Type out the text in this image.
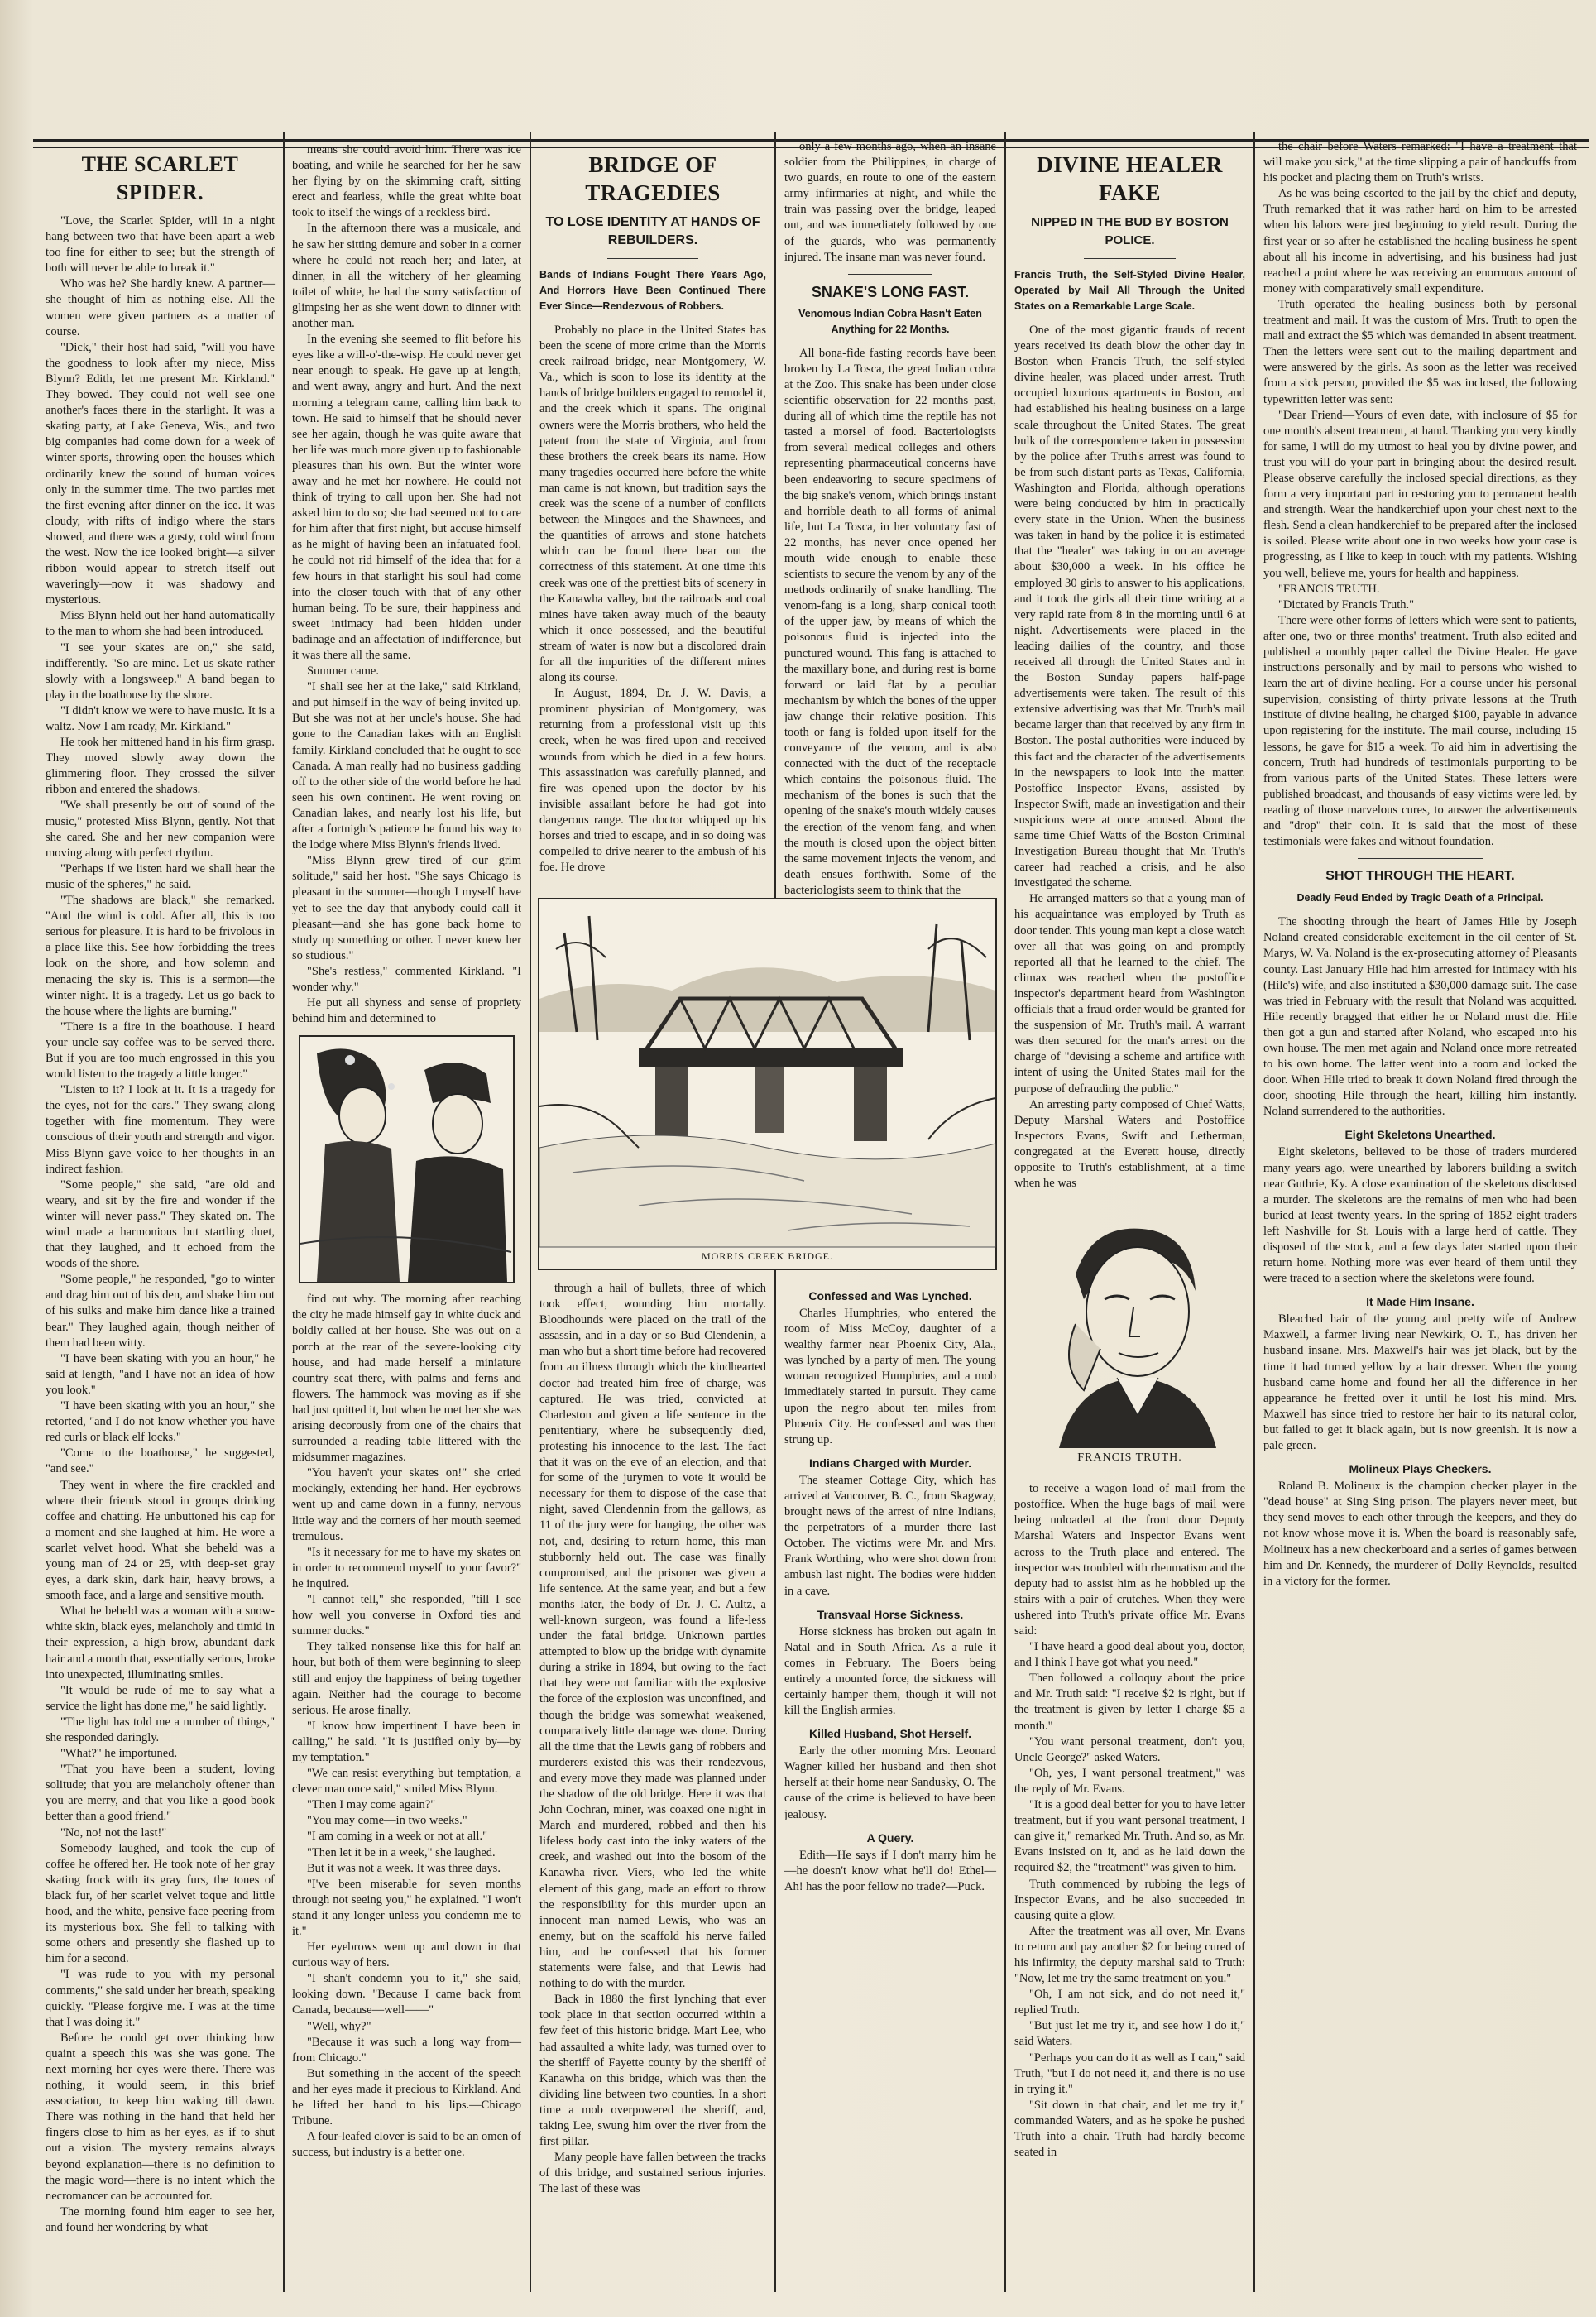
THE SCARLET SPIDER.

"Love, the Scarlet Spider, will in a night hang between two that have been apart a web too fine for either to see; but the strength of both will never be able to break it."

Who was he? She hardly knew. A partner—she thought of him as nothing else. All the women were given partners as a matter of course.

"Dick," their host had said, "will you have the goodness to look after my niece, Miss Blynn? Edith, let me present Mr. Kirkland." They bowed. They could not well see one another's faces there in the starlight. It was a skating party, at Lake Geneva, Wis., and two big companies had come down for a week of winter sports, throwing open the houses which ordinarily knew the sound of human voices only in the summer time. The two parties met the first evening after dinner on the ice. It was cloudy, with rifts of indigo where the stars showed, and there was a gusty, cold wind from the west. Now the ice looked bright—a silver ribbon would appear to stretch itself out waveringly—now it was shadowy and mysterious.

Miss Blynn held out her hand automatically to the man to whom she had been introduced.

"I see your skates are on," she said, indifferently. "So are mine. Let us skate rather slowly with a longsweep." A band began to play in the boathouse by the shore.

"I didn't know we were to have music. It is a waltz. Now I am ready, Mr. Kirkland."

He took her mittened hand in his firm grasp. They moved slowly away down the glimmering floor. They crossed the silver ribbon and entered the shadows.

"We shall presently be out of sound of the music," protested Miss Blynn, gently. Not that she cared. She and her new companion were moving along with perfect rhythm.

"Perhaps if we listen hard we shall hear the music of the spheres," he said.

"The shadows are black," she remarked. "And the wind is cold. After all, this is too serious for pleasure. It is hard to be frivolous in a place like this. See how forbidding the trees look on the shore, and how solemn and menacing the sky is. This is a sermon—the winter night. It is a tragedy. Let us go back to the house where the lights are burning."

"There is a fire in the boathouse. I heard your uncle say coffee was to be served there. But if you are too much engrossed in this you would listen to the tragedy a little longer."

"Listen to it? I look at it. It is a tragedy for the eyes, not for the ears." They swang along together with fine momentum. They were conscious of their youth and strength and vigor. Miss Blynn gave voice to her thoughts in an indirect fashion.

"Some people," she said, "are old and weary, and sit by the fire and wonder if the winter will never pass." They skated on. The wind made a harmonious but startling duet, that they laughed, and it echoed from the woods of the shore.

"Some people," he responded, "go to winter and drag him out of his den, and shake him out of his sulks and make him dance like a trained bear." They laughed again, though neither of them had been witty.

"I have been skating with you an hour," he said at length, "and I have not an idea of how you look."

"I have been skating with you an hour," she retorted, "and I do not know whether you have red curls or black elf locks."

"Come to the boathouse," he suggested, "and see."

They went in where the fire crackled and where their friends stood in groups drinking coffee and chatting. He unbuttoned his cap for a moment and she laughed at him. He wore a scarlet velvet hood. What she beheld was a young man of 24 or 25, with deep-set gray eyes, a dark skin, dark hair, heavy brows, a smooth face, and a large and sensitive mouth.

What he beheld was a woman with a snow-white skin, black eyes, melancholy and timid in their expression, a high brow, abundant dark hair and a mouth that, essentially serious, broke into unexpected, illuminating smiles.

"It would be rude of me to say what a service the light has done me," he said lightly.

"The light has told me a number of things," she responded daringly.

"What?" he importuned.

"That you have been a student, loving solitude; that you are melancholy oftener than you are merry, and that you like a good book better than a good friend."

"No, no! not the last!"

Somebody laughed, and took the cup of coffee he offered her. He took note of her gray skating frock with its gray furs, the tones of black fur, of her scarlet velvet toque and little hood, and the white, pensive face peering from its mysterious box. She fell to talking with some others and presently she flashed up to him for a second.

"I was rude to you with my personal comments," she said under her breath, speaking quickly. "Please forgive me. I was at the time that I was doing it."

Before he could get over thinking how quaint a speech this was she was gone. The next morning her eyes were there. There was nothing, it would seem, in this brief association, to keep him waking till dawn. There was nothing in the hand that held her fingers close to him as her eyes, as if to shut out a vision. The mystery remains always beyond explanation—there is no definition to the magic word—there is no intent which the necromancer can be accounted for.

The morning found him eager to see her, and found her wondering by what

means she could avoid him. There was ice boating, and while he searched for her he saw her flying by on the skimming craft, sitting erect and fearless, while the great white boat took to itself the wings of a reckless bird.

In the afternoon there was a musicale, and he saw her sitting demure and sober in a corner where he could not reach her; and later, at dinner, in all the witchery of her gleaming toilet of white, he had the sorry satisfaction of glimpsing her as she went down to dinner with another man.

In the evening she seemed to flit before his eyes like a will-o'-the-wisp. He could never get near enough to speak. He gave up at length, and went away, angry and hurt. And the next morning a telegram came, calling him back to town. He said to himself that he should never see her again, though he was quite aware that her life was much more given up to fashionable pleasures than his own. But the winter wore away and he met her nowhere. He could not think of trying to call upon her. She had not asked him to do so; she had seemed not to care for him after that first night, but accuse himself as he might of having been an infatuated fool, he could not rid himself of the idea that for a few hours in that starlight his soul had come into the closer touch with that of any other human being. To be sure, their happiness and sweet intimacy had been hidden under badinage and an affectation of indifference, but it was there all the same.

Summer came.

"I shall see her at the lake," said Kirkland, and put himself in the way of being invited up. But she was not at her uncle's house. She had gone to the Canadian lakes with an English family. Kirkland concluded that he ought to see Canada. A man really had no business gadding off to the other side of the world before he had seen his own continent. He went roving on Canadian lakes, and nearly lost his life, but after a fortnight's patience he found his way to the lodge where Miss Blynn's friends lived.

"Miss Blynn grew tired of our grim solitude," said her host. "She says Chicago is pleasant in the summer—though I myself have yet to see the day that anybody could call it pleasant—and she has gone back home to study up something or other. I never knew her so studious."

"She's restless," commented Kirkland. "I wonder why."

He put all shyness and sense of propriety behind him and determined to

find out why. The morning after reaching the city he made himself gay in white duck and boldly called at her house. She was out on a porch at the rear of the severe-looking city house, and had made herself a miniature country seat there, with palms and ferns and flowers. The hammock was moving as if she had just quitted it, but when he met her she was arising decorously from one of the chairs that surrounded a reading table littered with the midsummer magazines.

"You haven't your skates on!" she cried mockingly, extending her hand. Her eyebrows went up and came down in a funny, nervous little way and the corners of her mouth seemed tremulous.

"Is it necessary for me to have my skates on in order to recommend myself to your favor?" he inquired.

"I cannot tell," she responded, "till I see how well you converse in Oxford ties and summer ducks."

They talked nonsense like this for half an hour, but both of them were beginning to sleep still and enjoy the happiness of being together again. Neither had the courage to become serious. He arose finally.

"I know how impertinent I have been in calling," he said. "It is justified only by—by my temptation."

"We can resist everything but temptation, a clever man once said," smiled Miss Blynn.

"Then I may come again?"

"You may come—in two weeks."

"I am coming in a week or not at all."

"Then let it be in a week," she laughed.

But it was not a week. It was three days.

"I've been miserable for seven months through not seeing you," he explained. "I won't stand it any longer unless you condemn me to it."

Her eyebrows went up and down in that curious way of hers.

"I shan't condemn you to it," she said, looking down. "Because I came back from Canada, because—well——"

"Well, why?"

"Because it was such a long way from—from Chicago."

But something in the accent of the speech and her eyes made it precious to Kirkland. And he lifted her hand to his lips.—Chicago Tribune.

A four-leafed clover is said to be an omen of success, but industry is a better one.

BRIDGE OF TRAGEDIES
TO LOSE IDENTITY AT HANDS OF REBUILDERS.
Bands of Indians Fought There Years Ago, And Horrors Have Been Continued There Ever Since—Rendezvous of Robbers.

Probably no place in the United States has been the scene of more crime than the Morris creek railroad bridge, near Montgomery, W. Va., which is soon to lose its identity at the hands of bridge builders engaged to remodel it, and the creek which it spans. The original owners were the Morris brothers, who held the patent from the state of Virginia, and from these brothers the creek bears its name. How many tragedies occurred here before the white man came is not known, but tradition says the creek was the scene of a number of conflicts between the Mingoes and the Shawnees, and the quantities of arrows and stone hatchets which can be found there bear out the correctness of this statement. At one time this creek was one of the prettiest bits of scenery in the Kanawha valley, but the railroads and coal mines have taken away much of the beauty which it once possessed, and the beautiful stream of water is now but a discolored drain for all the impurities of the different mines along its course.

In August, 1894, Dr. J. W. Davis, a prominent physician of Montgomery, was returning from a professional visit up this creek, when he was fired upon and received wounds from which he died in a few hours. This assassination was carefully planned, and fire was opened upon the doctor by his invisible assailant before he had got into dangerous range. The doctor whipped up his horses and tried to escape, and in so doing was compelled to drive nearer to the ambush of his foe. He drove

only a few months ago, when an insane soldier from the Philippines, in charge of two guards, en route to one of the eastern army infirmaries at night, and while the train was passing over the bridge, leaped out, and was immediately followed by one of the guards, who was permanently injured. The insane man was never found.

SNAKE'S LONG FAST.
Venomous Indian Cobra Hasn't Eaten Anything for 22 Months.

All bona-fide fasting records have been broken by La Tosca, the great Indian cobra at the Zoo. This snake has been under close scientific observation for 22 months past, during all of which time the reptile has not tasted a morsel of food. Bacteriologists from several medical colleges and others representing pharmaceutical concerns have been endeavoring to secure specimens of the big snake's venom, which brings instant and horrible death to all forms of animal life, but La Tosca, in her voluntary fast of 22 months, has never once opened her mouth wide enough to enable these scientists to secure the venom by any of the methods ordinarily of snake handling. The venom-fang is a long, sharp conical tooth of the upper jaw, by means of which the poisonous fluid is injected into the punctured wound. This fang is attached to the maxillary bone, and during rest is borne forward or laid flat by a peculiar mechanism by which the bones of the upper jaw change their relative position. This tooth or fang is folded upon itself for the conveyance of the venom, and is also connected with the duct of the receptacle which contains the poisonous fluid. The mechanism of the bones is such that the opening of the snake's mouth widely causes the erection of the venom fang, and when the mouth is closed upon the object bitten the same movement injects the venom, and death ensues forthwith. Some of the bacteriologists seem to think that the

MORRIS CREEK BRIDGE.

through a hail of bullets, three of which took effect, wounding him mortally. Bloodhounds were placed on the trail of the assassin, and in a day or so Bud Clendenin, a man who but a short time before had recovered from an illness through which the kindhearted doctor had treated him free of charge, was captured. He was tried, convicted at Charleston and given a life sentence in the penitentiary, where he subsequently died, protesting his innocence to the last. The fact that it was on the eve of an election, and that for some of the jurymen to vote it would be necessary for them to dispose of the case that night, saved Clendennin from the gallows, as 11 of the jury were for hanging, the other was not, and, desiring to return home, this man stubbornly held out. The case was finally compromised, and the prisoner was given a life sentence. At the same year, and but a few months later, the body of Dr. J. C. Aultz, a well-known surgeon, was found a life-less under the fatal bridge. Unknown parties attempted to blow up the bridge with dynamite during a strike in 1894, but owing to the fact that they were not familiar with the explosive the force of the explosion was unconfined, and though the bridge was somewhat weakened, comparatively little damage was done. During all the time that the Lewis gang of robbers and murderers existed this was their rendezvous, and every move they made was planned under the shadow of the old bridge. Here it was that John Cochran, miner, was coaxed one night in March and murdered, robbed and then his lifeless body cast into the inky waters of the creek, and washed out into the bosom of the Kanawha river. Viers, who led the white element of this gang, made an effort to throw the responsibility for this murder upon an innocent man named Lewis, who was an enemy, but on the scaffold his nerve failed him, and he confessed that his former statements were false, and that Lewis had nothing to do with the murder.

Back in 1880 the first lynching that ever took place in that section occurred within a few feet of this historic bridge. Mart Lee, who had assaulted a white lady, was turned over to the sheriff of Fayette county by the sheriff of Kanawha on this bridge, which was then the dividing line between two counties. In a short time a mob overpowered the sheriff, and, taking Lee, swung him over the river from the first pillar.

Many people have fallen between the tracks of this bridge, and sustained serious injuries. The last of these was

Confessed and Was Lynched.

Charles Humphries, who entered the room of Miss McCoy, daughter of a wealthy farmer near Phoenix City, Ala., was lynched by a party of men. The young woman recognized Humphries, and a mob immediately started in pursuit. They came upon the negro about ten miles from Phoenix City. He confessed and was then strung up.

Indians Charged with Murder.

The steamer Cottage City, which has arrived at Vancouver, B. C., from Skagway, brought news of the arrest of nine Indians, the perpetrators of a murder there last October. The victims were Mr. and Mrs. Frank Worthing, who were shot down from ambush last night. The bodies were hidden in a cave.

Transvaal Horse Sickness.

Horse sickness has broken out again in Natal and in South Africa. As a rule it comes in February. The Boers being entirely a mounted force, the sickness will certainly hamper them, though it will not kill the English armies.

Killed Husband, Shot Herself.

Early the other morning Mrs. Leonard Wagner killed her husband and then shot herself at their home near Sandusky, O. The cause of the crime is believed to have been jealousy.

A Query.

Edith—He says if I don't marry him he—he doesn't know what he'll do! Ethel—Ah! has the poor fellow no trade?—Puck.

DIVINE HEALER FAKE
NIPPED IN THE BUD BY BOSTON POLICE.
Francis Truth, the Self-Styled Divine Healer, Operated by Mail All Through the United States on a Remarkable Large Scale.

One of the most gigantic frauds of recent years received its death blow the other day in Boston when Francis Truth, the self-styled divine healer, was placed under arrest. Truth occupied luxurious apartments in Boston, and had established his healing business on a large scale throughout the United States. The great bulk of the correspondence taken in possession by the police after Truth's arrest was found to be from such distant parts as Texas, California, Washington and Florida, although operations were being conducted by him in practically every state in the Union. When the business was taken in hand by the police it is estimated that the "healer" was taking in on an average about $30,000 a week. In his office he employed 30 girls to answer to his applications, and it took the girls all their time writing at a very rapid rate from 8 in the morning until 6 at night. Advertisements were placed in the leading dailies of the country, and those received all through the United States and in the Boston Sunday papers half-page advertisements were taken. The result of this extensive advertising was that Mr. Truth's mail became larger than that received by any firm in Boston. The postal authorities were induced by this fact and the character of the advertisements in the newspapers to look into the matter. Postoffice Inspector Evans, assisted by Inspector Swift, made an investigation and their suspicions were at once aroused. About the same time Chief Watts of the Boston Criminal Investigation Bureau thought that Mr. Truth's career had reached a crisis, and he also investigated the scheme.

He arranged matters so that a young man of his acquaintance was employed by Truth as door tender. This young man kept a close watch over all that was going on and promptly reported all that he learned to the chief. The climax was reached when the postoffice inspector's department heard from Washington officials that a fraud order would be granted for the suspension of Mr. Truth's mail. A warrant was then secured for the man's arrest on the charge of "devising a scheme and artifice with intent of using the United States mail for the purpose of defrauding the public."

An arresting party composed of Chief Watts, Deputy Marshal Waters and Postoffice Inspectors Evans, Swift and Letherman, congregated at the Everett house, directly opposite to Truth's establishment, at a time when he was

FRANCIS TRUTH.

to receive a wagon load of mail from the postoffice. When the huge bags of mail were being unloaded at the front door Deputy Marshal Waters and Inspector Evans went across to the Truth place and entered. The inspector was troubled with rheumatism and the deputy had to assist him as he hobbled up the stairs with a pair of crutches. When they were ushered into Truth's private office Mr. Evans said:

"I have heard a good deal about you, doctor, and I think I have got what you need."

Then followed a colloquy about the price and Mr. Truth said: "I receive $2 is right, but if the treatment is given by letter I charge $5 a month."

"You want personal treatment, don't you, Uncle George?" asked Waters.

"Oh, yes, I want personal treatment," was the reply of Mr. Evans.

"It is a good deal better for you to have letter treatment, but if you want personal treatment, I can give it," remarked Mr. Truth. And so, as Mr. Evans insisted on it, and as he laid down the required $2, the "treatment" was given to him.

Truth commenced by rubbing the legs of Inspector Evans, and he also succeeded in causing quite a glow.

After the treatment was all over, Mr. Evans to return and pay another $2 for being cured of his infirmity, the deputy marshal said to Truth: "Now, let me try the same treatment on you."

"Oh, I am not sick, and do not need it," replied Truth.

"But just let me try it, and see how I do it," said Waters.

"Perhaps you can do it as well as I can," said Truth, "but I do not need it, and there is no use in trying it."

"Sit down in that chair, and let me try it," commanded Waters, and as he spoke he pushed Truth into a chair. Truth had hardly become seated in

the chair before Waters remarked: "I have a treatment that will make you sick," at the time slipping a pair of handcuffs from his pocket and placing them on Truth's wrists.

As he was being escorted to the jail by the chief and deputy, Truth remarked that it was rather hard on him to be arrested when his labors were just beginning to yield result. During the first year or so after he established the healing business he spent about all his income in advertising, and his business had just reached a point where he was receiving an enormous amount of money with comparatively small expenditure.

Truth operated the healing business both by personal treatment and mail. It was the custom of Mrs. Truth to open the mail and extract the $5 which was demanded in absent treatment. Then the letters were sent out to the mailing department and were answered by the girls. As soon as the letter was received from a sick person, provided the $5 was inclosed, the following typewritten letter was sent:

"Dear Friend—Yours of even date, with inclosure of $5 for one month's absent treatment, at hand. Thanking you very kindly for same, I will do my utmost to heal you by divine power, and trust you will do your part in bringing about the desired result. Please observe carefully the inclosed special directions, as they form a very important part in restoring you to permanent health and strength. Wear the handkerchief upon your chest next to the flesh. Send a clean handkerchief to be prepared after the inclosed is soiled. Please write about one in two weeks how your case is progressing, as I like to keep in touch with my patients. Wishing you well, believe me, yours for health and happiness.

"FRANCIS TRUTH.

"Dictated by Francis Truth."

There were other forms of letters which were sent to patients, after one, two or three months' treatment. Truth also edited and published a monthly paper called the Divine Healer. He gave instructions personally and by mail to persons who wished to learn the art of divine healing. For a course under his personal supervision, consisting of thirty private lessons at the Truth institute of divine healing, he charged $100, payable in advance upon registering for the institute. The mail course, including 15 lessons, he gave for $15 a week. To aid him in advertising the concern, Truth had hundreds of testimonials purporting to be from various parts of the United States. These letters were published broadcast, and thousands of easy victims were led, by reading of those marvelous cures, to answer the advertisements and "drop" their coin. It is said that the most of these testimonials were fakes and without foundation.

SHOT THROUGH THE HEART.
Deadly Feud Ended by Tragic Death of a Principal.

The shooting through the heart of James Hile by Joseph Noland created considerable excitement in the oil center of St. Marys, W. Va. Noland is the ex-prosecuting attorney of Pleasants county. Last January Hile had him arrested for intimacy with his (Hile's) wife, and also instituted a $30,000 damage suit. The case was tried in February with the result that Noland was acquitted. Hile recently bragged that either he or Noland must die. Hile then got a gun and started after Noland, who escaped into his own house. The men met again and Noland once more retreated to his own home. The latter went into a room and locked the door. When Hile tried to break it down Noland fired through the door, shooting Hile through the heart, killing him instantly. Noland surrendered to the authorities.

Eight Skeletons Unearthed.

Eight skeletons, believed to be those of traders murdered many years ago, were unearthed by laborers building a switch near Guthrie, Ky. A close examination of the skeletons disclosed a murder. The skeletons are the remains of men who had been buried at least twenty years. In the spring of 1852 eight traders left Nashville for St. Louis with a large herd of cattle. They disposed of the stock, and a few days later started upon their return home. Nothing more was ever heard of them until they were traced to a section where the skeletons were found.

It Made Him Insane.

Bleached hair of the young and pretty wife of Andrew Maxwell, a farmer living near Newkirk, O. T., has driven her husband insane. Mrs. Maxwell's hair was jet black, but by the time it had turned yellow by a hair dresser. When the young husband came home and found her all the difference in her appearance he fretted over it until he lost his mind. Mrs. Maxwell has since tried to restore her hair to its natural color, but failed to get it black again, but is now greenish. It is now a pale green.

Molineux Plays Checkers.

Roland B. Molineux is the champion checker player in the "dead house" at Sing Sing prison. The players never meet, but they send moves to each other through the keepers, and they do not know whose move it is. When the board is reasonably safe, Molineux has a new checkerboard and a series of games between him and Dr. Kennedy, the murderer of Dolly Reynolds, resulted in a victory for the former.
